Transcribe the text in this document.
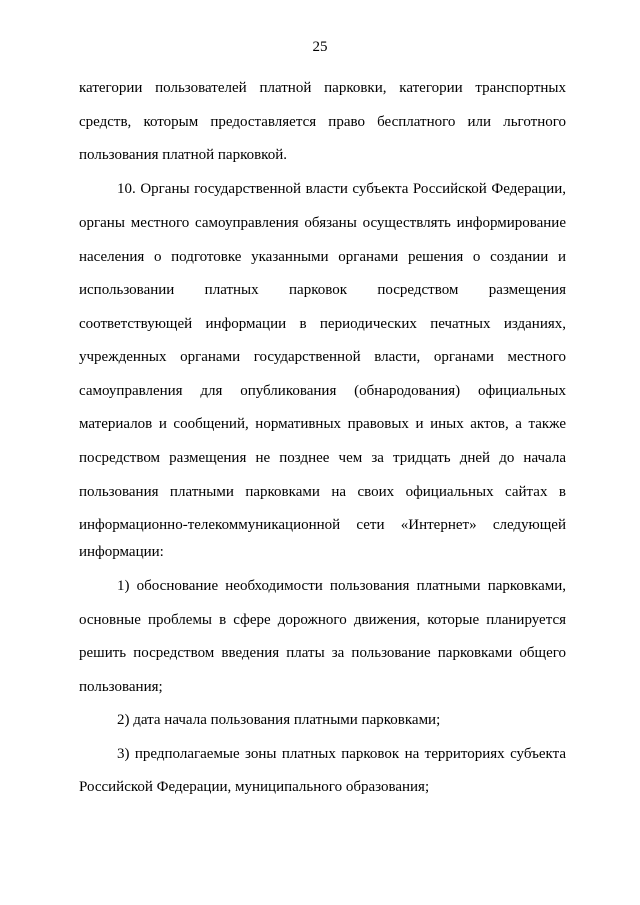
25
категории пользователей платной парковки, категории транспортных
средств, которым предоставляется право бесплатного или льготного
пользования платной парковкой.
10. Органы государственной власти субъекта Российской Федерации,
органы местного самоуправления обязаны осуществлять информирование
населения о подготовке указанными органами решения о создании и
использовании платных парковок посредством размещения
соответствующей информации в периодических печатных изданиях,
учрежденных органами государственной власти, органами местного
самоуправления для опубликования (обнародования) официальных
материалов и сообщений, нормативных правовых и иных актов, а также
посредством размещения не позднее чем за тридцать дней до начала
пользования платными парковками на своих официальных сайтах в
информационно-телекоммуникационной сети «Интернет» следующей
информации:
1) обоснование необходимости пользования платными парковками,
основные проблемы в сфере дорожного движения, которые планируется
решить посредством введения платы за пользование парковками общего
пользования;
2) дата начала пользования платными парковками;
3) предполагаемые зоны платных парковок на территориях субъекта
Российской Федерации, муниципального образования;
